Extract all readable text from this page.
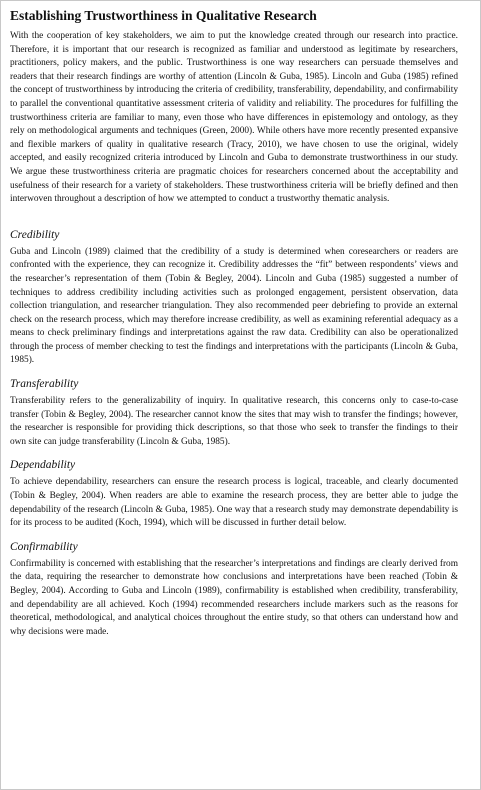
Establishing Trustworthiness in Qualitative Research

With the cooperation of key stakeholders, we aim to put the knowledge created through our research into practice. Therefore, it is important that our research is recognized as familiar and understood as legitimate by researchers, practitioners, policy makers, and the public. Trustworthiness is one way researchers can persuade themselves and readers that their research findings are worthy of attention (Lincoln & Guba, 1985). Lincoln and Guba (1985) refined the concept of trustworthiness by introducing the criteria of credibility, transferability, dependability, and confirmability to parallel the conventional quantitative assessment criteria of validity and reliability. The procedures for fulfilling the trustworthiness criteria are familiar to many, even those who have differences in epistemology and ontology, as they rely on methodological arguments and techniques (Green, 2000). While others have more recently presented expansive and flexible markers of quality in qualitative research (Tracy, 2010), we have chosen to use the original, widely accepted, and easily recognized criteria introduced by Lincoln and Guba to demonstrate trustworthiness in our study. We argue these trustworthiness criteria are pragmatic choices for researchers concerned about the acceptability and usefulness of their research for a variety of stakeholders. These trustworthiness criteria will be briefly defined and then interwoven throughout a description of how we attempted to conduct a trustworthy thematic analysis.

Credibility

Guba and Lincoln (1989) claimed that the credibility of a study is determined when coresearchers or readers are confronted with the experience, they can recognize it. Credibility addresses the “fit” between respondents’ views and the researcher’s representation of them (Tobin & Begley, 2004). Lincoln and Guba (1985) suggested a number of techniques to address credibility including activities such as prolonged engagement, persistent observation, data collection triangulation, and researcher triangulation. They also recommended peer debriefing to provide an external check on the research process, which may therefore increase credibility, as well as examining referential adequacy as a means to check preliminary findings and interpretations against the raw data. Credibility can also be operationalized through the process of member checking to test the findings and interpretations with the participants (Lincoln & Guba, 1985).

Transferability

Transferability refers to the generalizability of inquiry. In qualitative research, this concerns only to case-to-case transfer (Tobin & Begley, 2004). The researcher cannot know the sites that may wish to transfer the findings; however, the researcher is responsible for providing thick descriptions, so that those who seek to transfer the findings to their own site can judge transferability (Lincoln & Guba, 1985).

Dependability

To achieve dependability, researchers can ensure the research process is logical, traceable, and clearly documented (Tobin & Begley, 2004). When readers are able to examine the research process, they are better able to judge the dependability of the research (Lincoln & Guba, 1985). One way that a research study may demonstrate dependability is for its process to be audited (Koch, 1994), which will be discussed in further detail below.

Confirmability

Confirmability is concerned with establishing that the researcher’s interpretations and findings are clearly derived from the data, requiring the researcher to demonstrate how conclusions and interpretations have been reached (Tobin & Begley, 2004). According to Guba and Lincoln (1989), confirmability is established when credibility, transferability, and dependability are all achieved. Koch (1994) recommended researchers include markers such as the reasons for theoretical, methodological, and analytical choices throughout the entire study, so that others can understand how and why decisions were made.
